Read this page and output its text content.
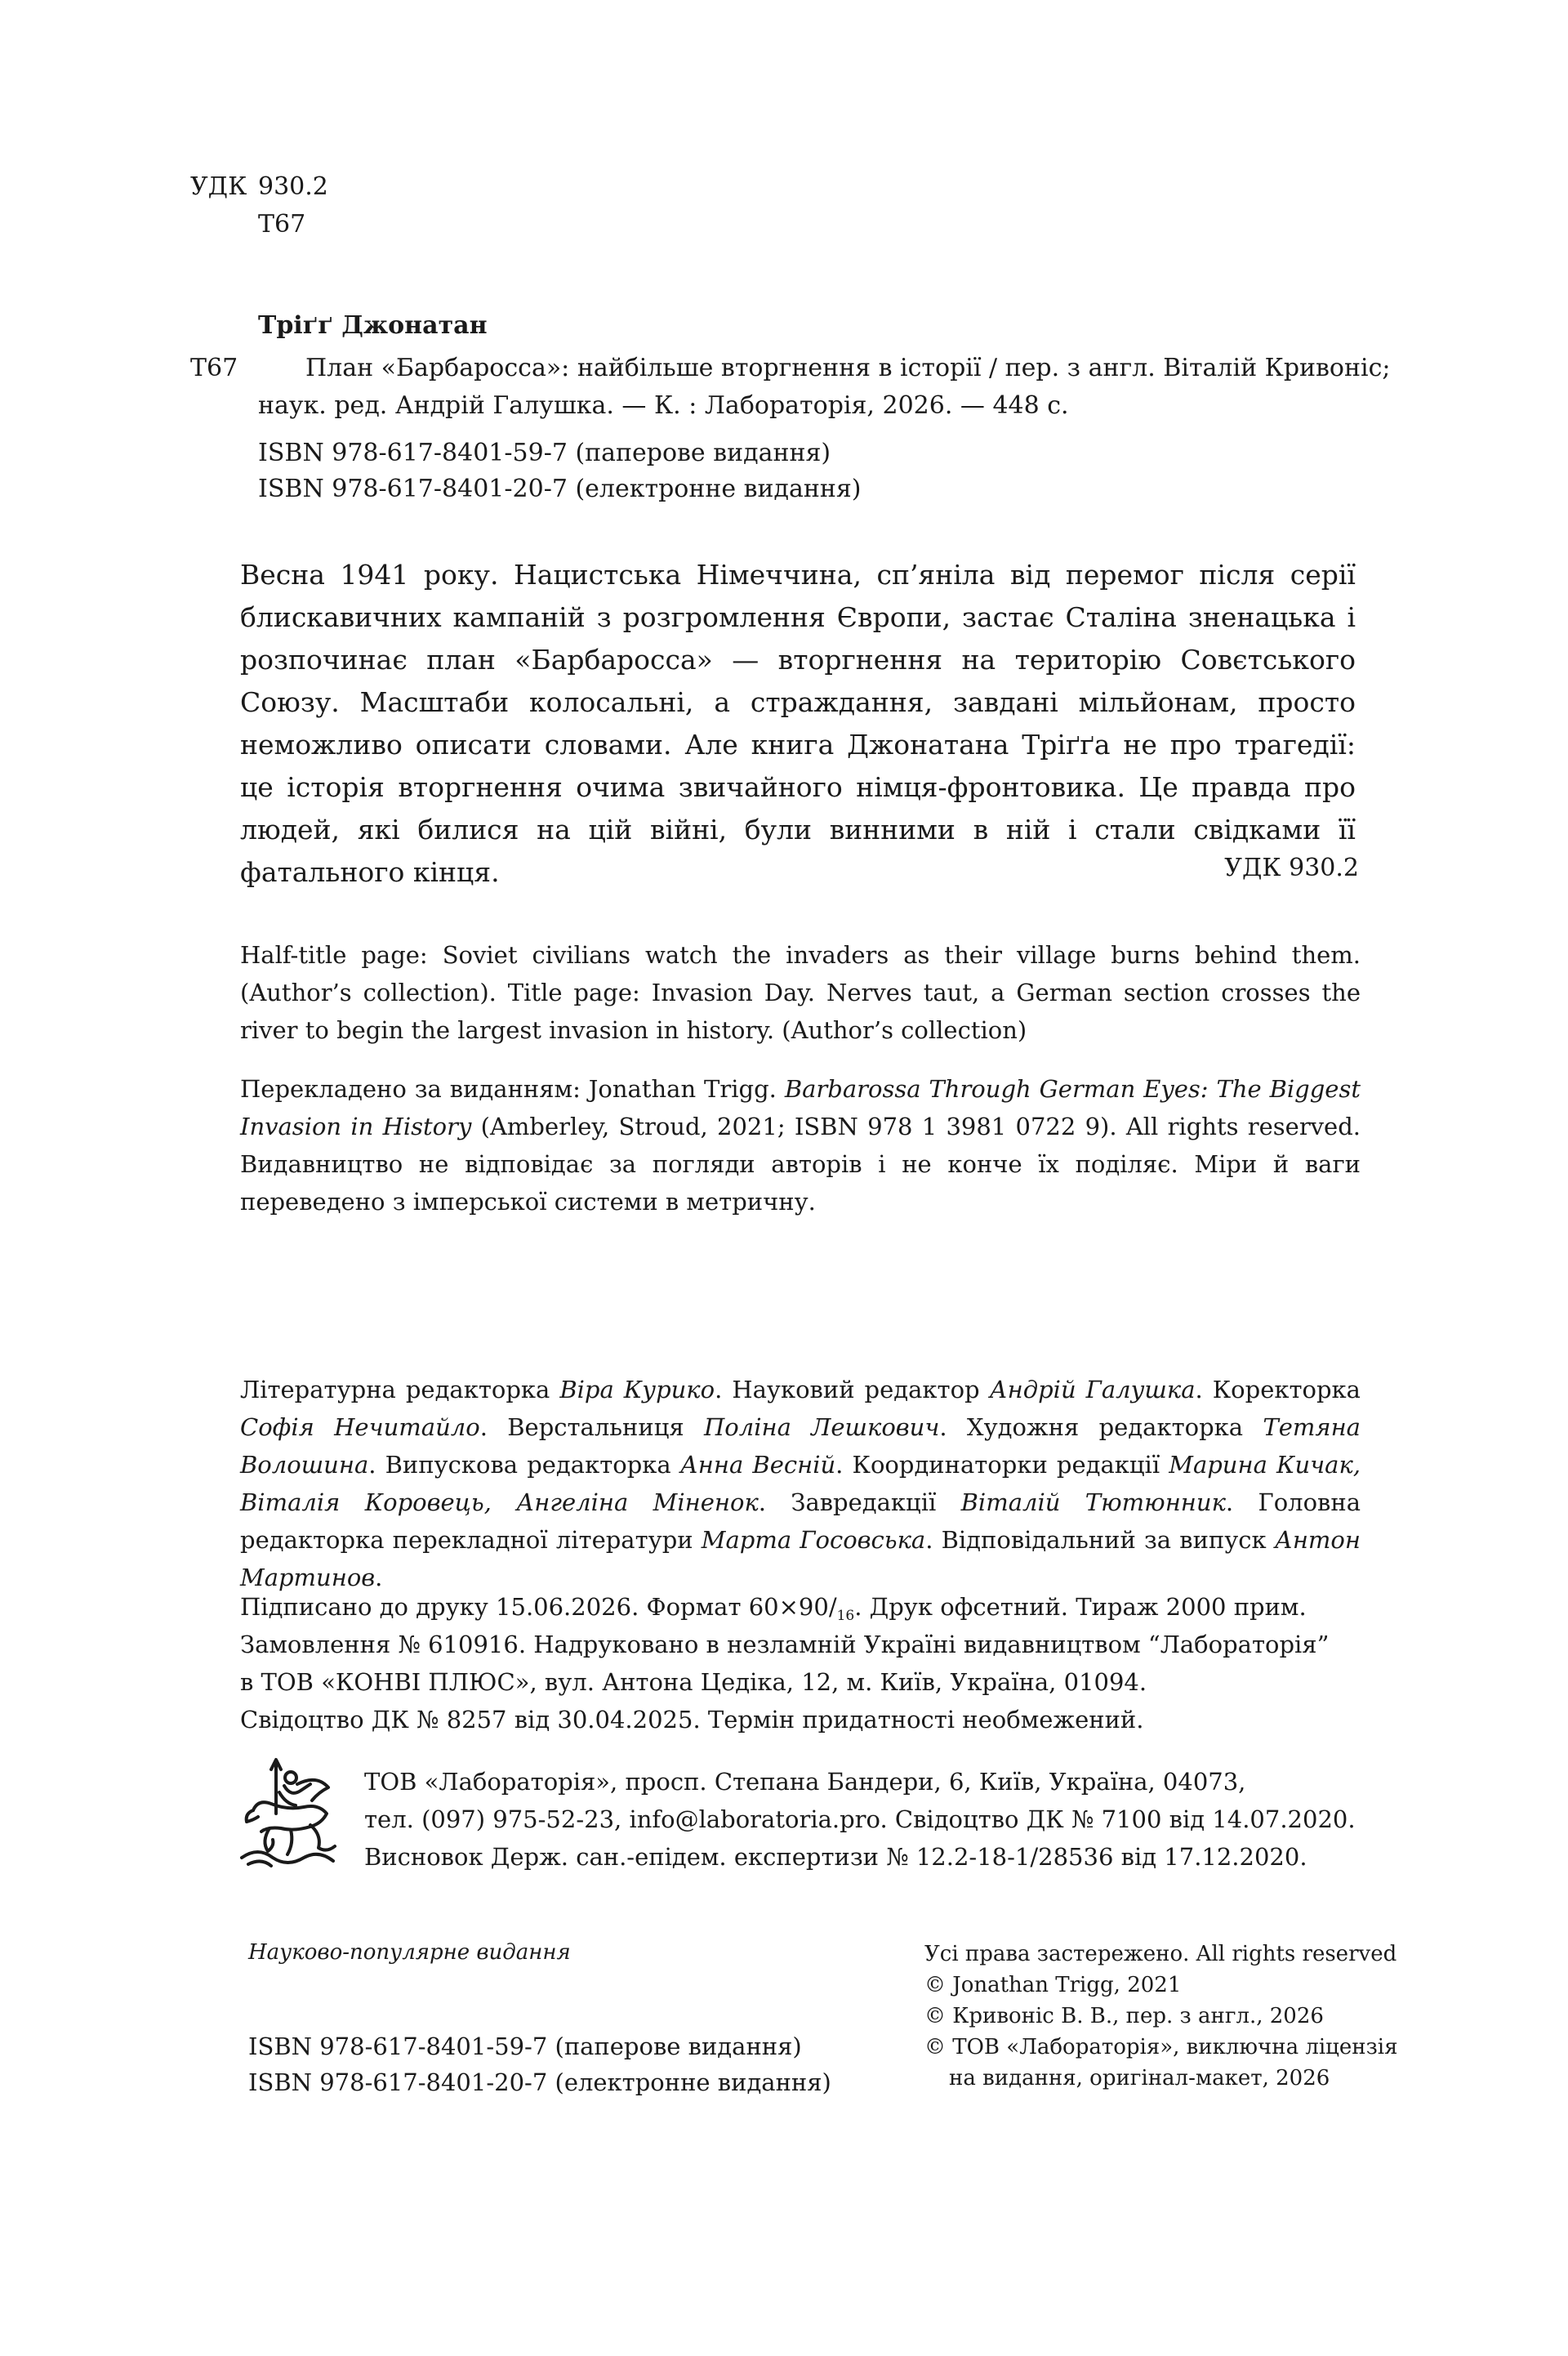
УДК 930.2
Т67
Тріґґ Джонатан
Т67	План «Барбаросса»: найбільше вторгнення в історії / пер. з англ. Віталій Кривоніс;
наук. ред. Андрій Галушка. — К. : Лабораторія, 2026. — 448 с.
ISBN 978-617-8401-59-7 (паперове видання)
ISBN 978-617-8401-20-7 (електронне видання)
Весна 1941 року. Нацистська Німеччина, сп’яніла від перемог після серії блискавичних кампаній з розгромлення Європи, застає Сталіна зненацька і розпочинає план «Барбаросса» — вторгнення на територію Совєтського Союзу. Масштаби колосальні, а страждання, завдані мільйонам, просто неможливо описати словами. Але книга Джонатана Тріґґа не про трагедії: це історія вторгнення очима звичайного німця-фронтовика. Це правда про людей, які билися на цій війні, були винними в ній і стали свідками її фатального кінця.	УДК 930.2
Half-title page: Soviet civilians watch the invaders as their village burns behind them. (Author’s collection). Title page: Invasion Day. Nerves taut, a German section crosses the river to begin the largest invasion in history. (Author’s collection)
Перекладено за виданням: Jonathan Trigg. Barbarossa Through German Eyes: The Biggest Invasion in History (Amberley, Stroud, 2021; ISBN 978 1 3981 0722 9). All rights reserved. Видавництво не відповідає за погляди авторів і не конче їх поділяє. Міри й ваги переведено з імперської системи в метричну.
Літературна редакторка Віра Курико. Науковий редактор Андрій Галушка. Коректорка Софія Нечитайло. Верстальниця Поліна Лешкович. Художня редакторка Тетяна Волошина. Випускова редакторка Анна Весній. Координаторки редакції Марина Кичак, Віталія Коровець, Ангеліна Міненок. Завредакції Віталій Тютюнник. Головна редакторка перекладної літератури Марта Госовська. Відповідальний за випуск Антон Мартинов.
Підписано до друку 15.06.2026. Формат $60\times 90/_{16}$. Друк офсетний. Тираж 2000 прим.
Замовлення № 610916. Надруковано в незламній Україні видавництвом “Лабораторія”
в ТОВ «КОНВІ ПЛЮС», вул. Антона Цедіка, 12, м. Київ, Україна, 01094.
Свідоцтво ДК № 8257 від 30.04.2025. Термін придатності необмежений.
ТОВ «Лабораторія», просп. Степана Бандери, 6, Київ, Україна, 04073,
тел. (097) 975-52-23, info@laboratoria.pro. Свідоцтво ДК № 7100 від 14.07.2020.
Висновок Держ. сан.-епідем. експертизи № 12.2-18-1/28536 від 17.12.2020.
Науково-популярне видання
ISBN 978-617-8401-59-7 (паперове видання)
ISBN 978-617-8401-20-7 (електронне видання)
Усі права застережено. All rights reserved
© Jonathan Trigg, 2021
© Кривоніс В. В., пер. з англ., 2026
© ТОВ «Лабораторія», виключна ліцензія
на видання, оригінал-макет, 2026
